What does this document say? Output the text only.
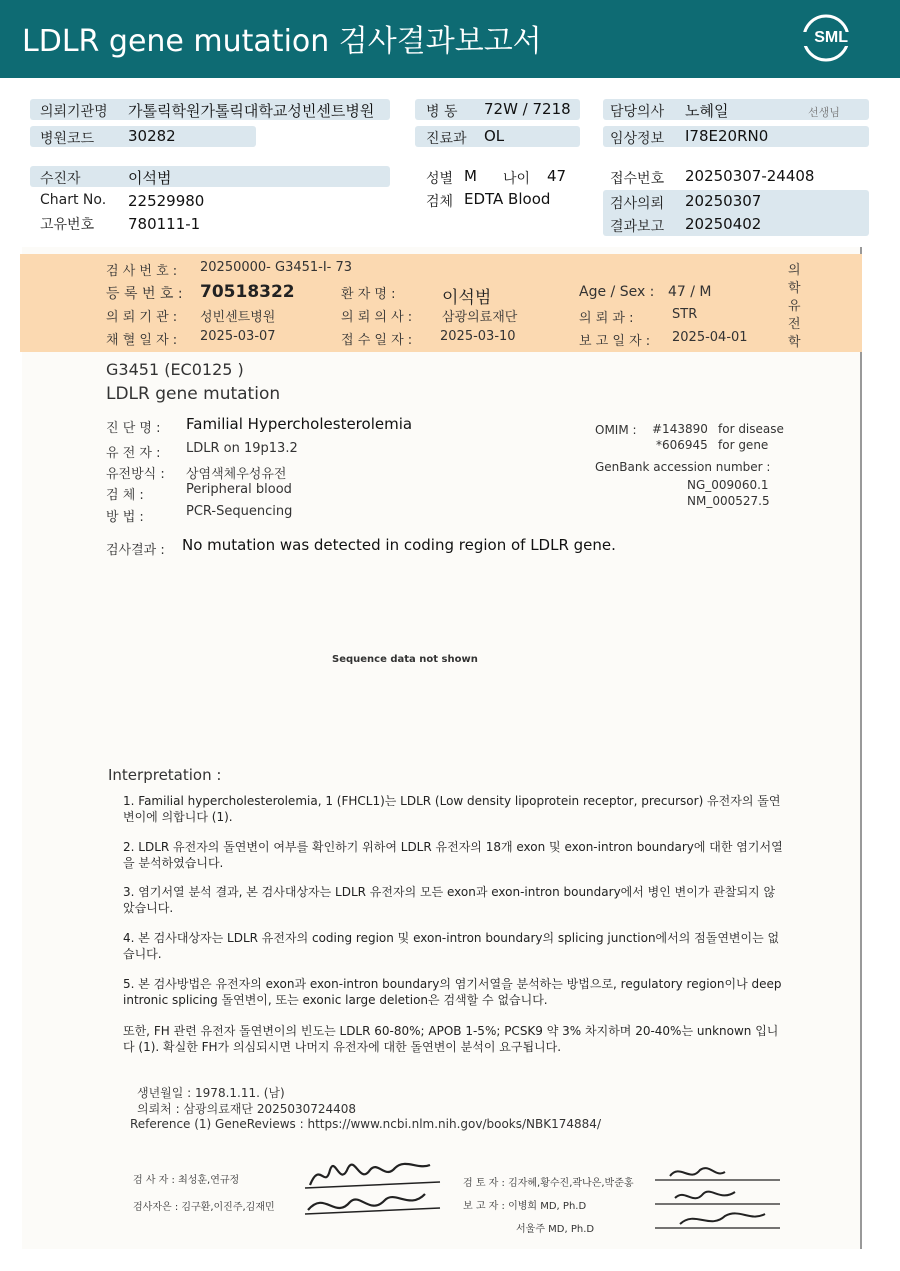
LDLR gene mutation 검사결과보고서	SML
의뢰기관명 가톨릭학원가톨릭대학교성빈센트병원	병 동 72W / 7218	담당의사 노혜일	선생님
병원코드 30282	진료과 OL	임상정보 I78E20RN0
수진자	이석범	성별 M 나이 47	접수번호 20250307-24408
Chart No. 22529980	검체 EDTA Blood	검사의뢰 20250307
고유번호 780111-1	결과보고 20250402
검 사 번 호 : 20250000- G3451-I- 73
등 록 번 호 : 70518322	환 자 명 :	이석범	Age / Sex : 47 / M
의 뢰 기 관 : 성빈센트병원	의 뢰 의 사 : 삼광의료재단	의 뢰 과 :	STR
채 혈 일 자 : 2025-03-07	접 수 일 자 : 2025-03-10	보 고 일 자 : 2025-04-01
의학유전학
G3451 (EC0125 )
LDLR gene mutation
진 단 명 : Familial Hypercholesterolemia
유 전 자 : LDLR on 19p13.2
유전방식 : 상염색체우성유전
검 체 :	Peripheral blood
방 법 :	PCR-Sequencing
OMIM : #143890 for disease
*606945 for gene
GenBank accession number :
NG_009060.1
NM_000527.5
검사결과 : No mutation was detected in coding region of LDLR gene.
Sequence data not shown
Interpretation :

1. Familial hypercholesterolemia, 1 (FHCL1)는 LDLR (Low density lipoprotein receptor, precursor) 유전자의 돌연변이에 의합니다 (1).

2. LDLR 유전자의 돌연변이 여부를 확인하기 위하여 LDLR 유전자의 18개 exon 및 exon-intron boundary에 대한 염기서열을 분석하였습니다.

3. 염기서열 분석 결과, 본 검사대상자는 LDLR 유전자의 모든 exon과 exon-intron boundary에서 병인 변이가 관찰되지 않았습니다.

4. 본 검사대상자는 LDLR 유전자의 coding region 및 exon-intron boundary의 splicing junction에서의 점돌연변이는 없습니다.

5. 본 검사방법은 유전자의 exon과 exon-intron boundary의 염기서열을 분석하는 방법으로, regulatory region이나 deep intronic splicing 돌연변이, 또는 exonic large deletion은 검색할 수 없습니다.

또한, FH 관련 유전자 돌연변이의 빈도는 LDLR 60-80%; APOB 1-5%; PCSK9 약 3% 차지하며 20-40%는 unknown 입니다 (1). 확실한 FH가 의심되시면 나머지 유전자에 대한 돌연변이 분석이 요구됩니다.

생년월일 : 1978.1.11. (남)
의뢰처 : 삼광의료재단 2025030724408
Reference (1) GeneReviews : https://www.ncbi.nlm.nih.gov/books/NBK174884/
검 사 자 : 최성훈,연규정
검사자은 : 김구환,이진주,김재민
검 토 자 : 김자혜,황수진,곽나은,박준홍
보 고 자 : 이병희 MD, Ph.D
서울주 MD, Ph.D
